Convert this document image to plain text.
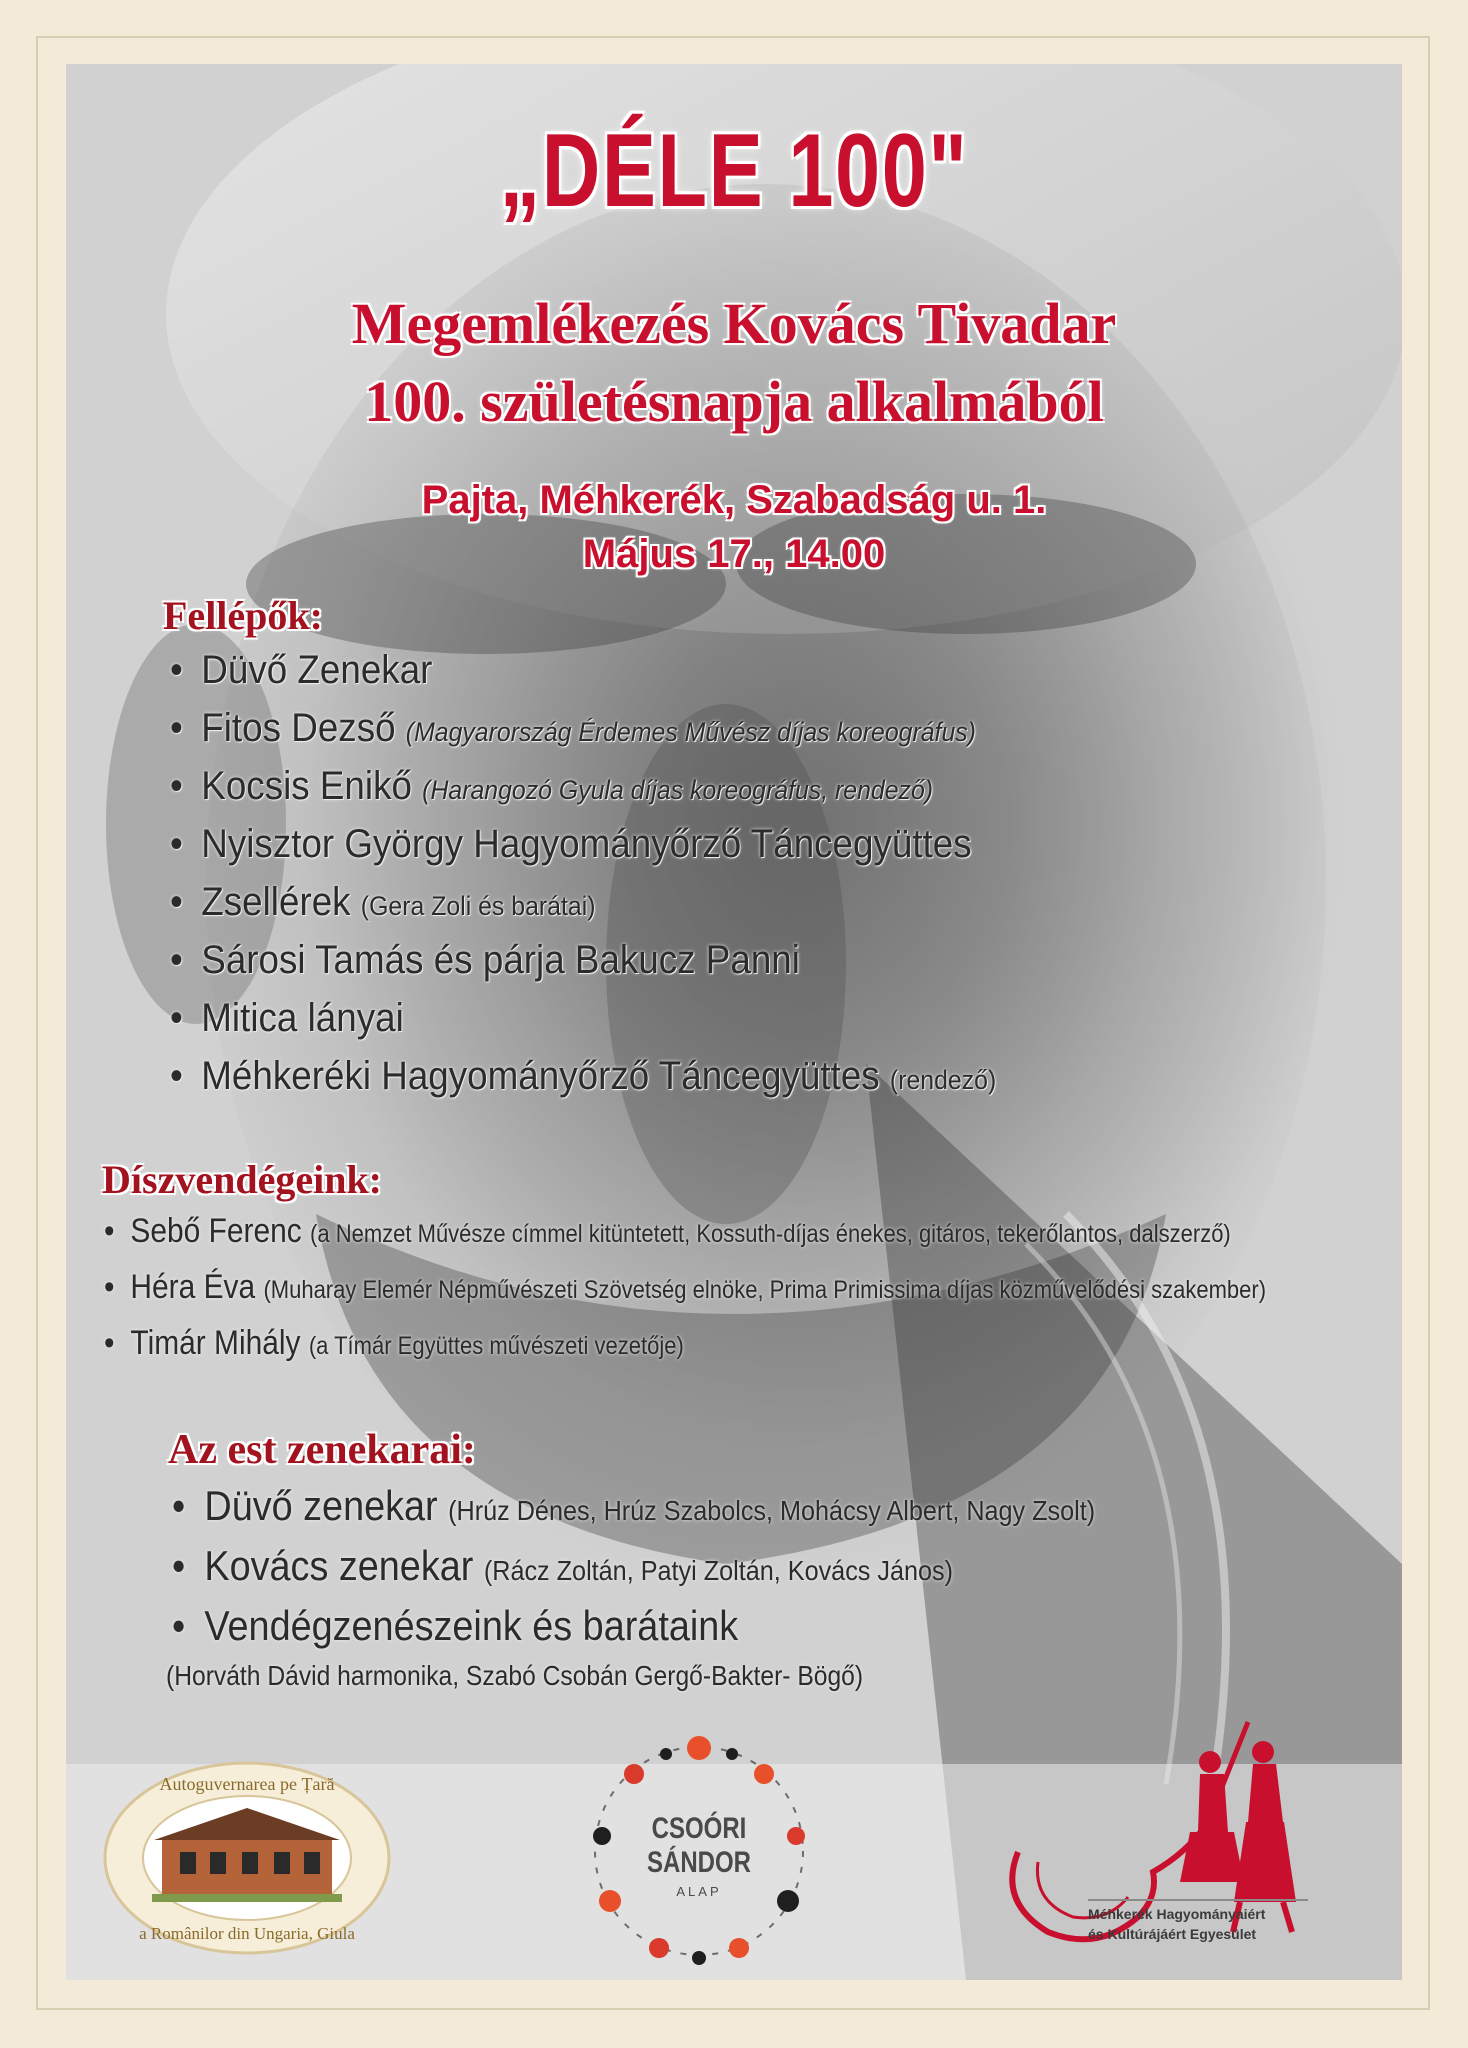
„DÉLE 100"
Megemlékezés Kovács Tivadar
100. születésnapja alkalmából
Pajta, Méhkerék, Szabadság u. 1.
Május 17., 14.00
Fellépők:
• Düvő Zenekar
• Fitos Dezső (Magyarország Érdemes Művész díjas koreográfus)
• Kocsis Enikő (Harangozó Gyula díjas koreográfus, rendező)
• Nyisztor György Hagyományőrző Táncegyüttes
• Zsellérek (Gera Zoli és barátai)
• Sárosi Tamás és párja Bakucz Panni
• Mitica lányai
• Méhkeréki Hagyományőrző Táncegyüttes (rendező)
Díszvendégeink:
• Sebő Ferenc (a Nemzet Művésze címmel kitüntetett, Kossuth-díjas énekes, gitáros, tekerőlantos, dalszerző)
• Héra Éva (Muharay Elemér Népművészeti Szövetség elnöke, Prima Primissima díjas közművelődési szakember)
• Timár Mihály (a Tímár Együttes művészeti vezetője)
Az est zenekarai:
• Düvő zenekar (Hrúz Dénes, Hrúz Szabolcs, Mohácsy Albert, Nagy Zsolt)
• Kovács zenekar (Rácz Zoltán, Patyi Zoltán, Kovács János)
• Vendégzenészeink és barátaink
(Horváth Dávid harmonika, Szabó Csobán Gergő-Bakter- Bögő)
Autoguvernarea pe Țară
a Românilor din Ungaria, Giula
CSOÓRI
SÁNDOR
ALAP
Méhkerék Hagyományaiért
és Kultúrájáért Egyesület
